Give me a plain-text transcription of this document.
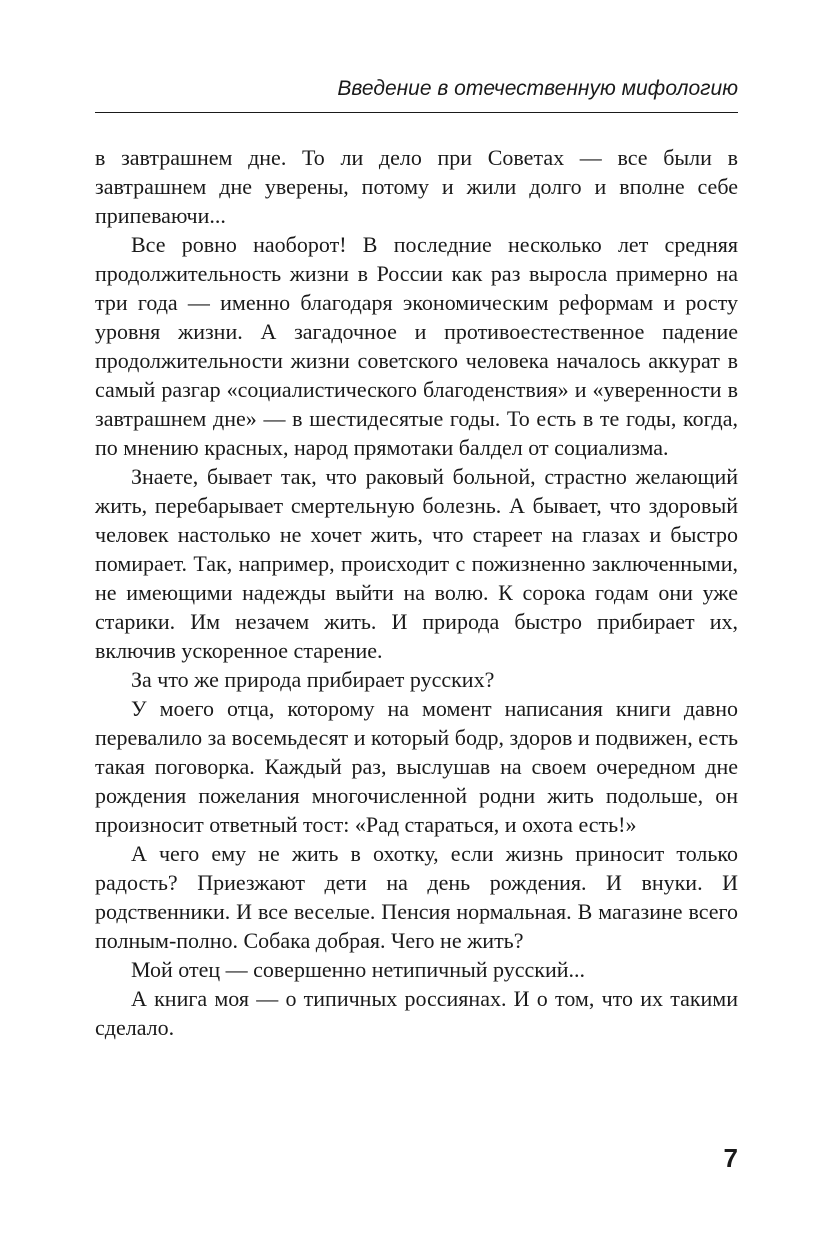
Введение в отечественную мифологию

в завтрашнем дне. То ли дело при Советах — все были в завтрашнем дне уверены, потому и жили долго и вполне себе припеваючи...

Все ровно наоборот! В последние несколько лет средняя продолжительность жизни в России как раз выросла примерно на три года — именно благодаря экономическим реформам и росту уровня жизни. А загадочное и противоестественное падение продолжительности жизни советского человека началось аккурат в самый разгар «социалистического благоденствия» и «уверенности в завтрашнем дне» — в шестидесятые годы. То есть в те годы, когда, по мнению красных, народ прямотаки балдел от социализма.

Знаете, бывает так, что раковый больной, страстно желающий жить, перебарывает смертельную болезнь. А бывает, что здоровый человек настолько не хочет жить, что стареет на глазах и быстро помирает. Так, например, происходит с пожизненно заключенными, не имеющими надежды выйти на волю. К сорока годам они уже старики. Им незачем жить. И природа быстро прибирает их, включив ускоренное старение.

За что же природа прибирает русских?

У моего отца, которому на момент написания книги давно перевалило за восемьдесят и который бодр, здоров и подвижен, есть такая поговорка. Каждый раз, выслушав на своем очередном дне рождения пожелания многочисленной родни жить подольше, он произносит ответный тост: «Рад стараться, и охота есть!»

А чего ему не жить в охотку, если жизнь приносит только радость? Приезжают дети на день рождения. И внуки. И родственники. И все веселые. Пенсия нормальная. В магазине всего полным-полно. Собака добрая. Чего не жить?

Мой отец — совершенно нетипичный русский...

А книга моя — о типичных россиянах. И о том, что их такими сделало.

7
